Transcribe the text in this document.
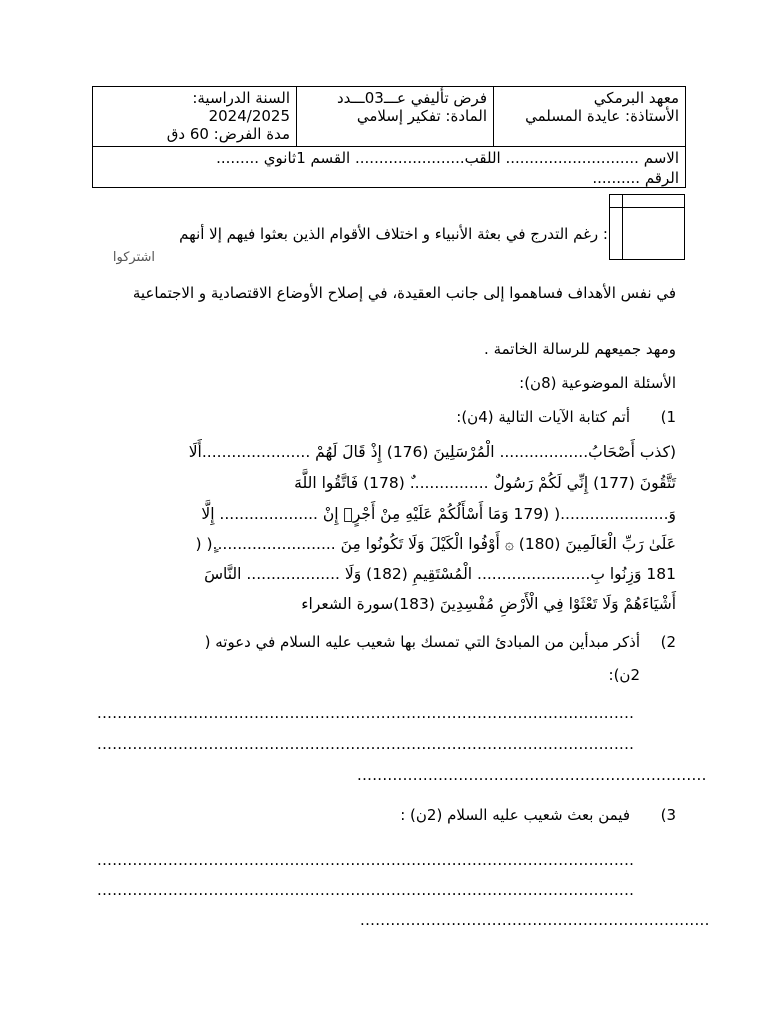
معهد البرمكي
الأستاذة: عايدة المسلمي
فرض تأليفي عـــ03ـــدد
المادة: تفكير إسلامي
السنة الدراسية:
2024/2025
مدة الفرض: 60 دق
الاسم ............................ اللقب....................... القسم 1ثانوي .........
الرقم ..........
: رغم التدرج في بعثة الأنبياء و اختلاف الأقوام الذين بعثوا فيهم إلا أنهم
اشتركوا
في نفس الأهداف فساهموا إلى جانب العقيدة، في إصلاح الأوضاع الاقتصادية و الاجتماعية
ومهد جميعهم للرسالة الخاتمة .
الأسئلة الموضوعية (8ن):
1)
أتم كتابة الآيات التالية (4ن):
(كذب أَصْحَابُ.................. الْمُرْسَلِينَ (176) إِذْ قَالَ لَهُمْ ......................أَلَا
تَتَّقُونَ (177) إِنِّي لَكُمْ رَسُولٌ ................ٌ (178) فَاتَّقُوا اللَّهَ
وَ......................( (179 وَمَا أَسْأَلُكُمْ عَلَيْهِ مِنْ أَجْرٍۖ إِنْ .................... إِلَّا
عَلَىٰ رَبِّ الْعَالَمِينَ (180) ۞ أَوْفُوا الْكَيْلَ وَلَا تَكُونُوا مِنَ .........................ٍ( (
181 وَزِنُوا بِ....................... الْمُسْتَقِيمِ (182) وَلَا ................... النَّاسَ
أَشْيَاءَهُمْ وَلَا تَعْثَوْا فِي الْأَرْضِ مُفْسِدِينَ (183)سورة الشعراء
2)
أذكر مبدأين من المبادئ التي تمسك بها شعيب عليه السلام في دعوته (
2ن):
..........................................................................................................
..........................................................................................................
.....................................................................
3)
فيمن بعث شعيب عليه السلام (2ن) :
..........................................................................................................
..........................................................................................................
.....................................................................
